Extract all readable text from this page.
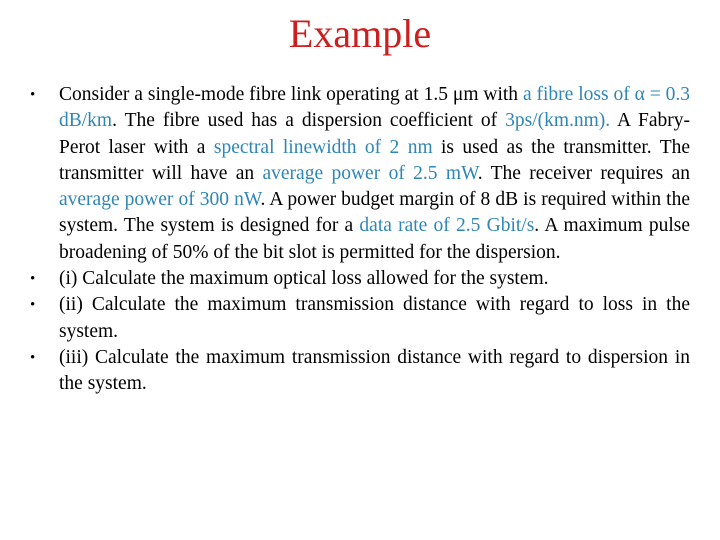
Example
• Consider a single-mode fibre link operating at 1.5 μm with a fibre loss of α = 0.3 dB/km. The fibre used has a dispersion coefficient of 3ps/(km.nm). A Fabry-Perot laser with a spectral linewidth of 2 nm is used as the transmitter. The transmitter will have an average power of 2.5 mW. The receiver requires an average power of 300 nW. A power budget margin of 8 dB is required within the system. The system is designed for a data rate of 2.5 Gbit/s. A maximum pulse broadening of 50% of the bit slot is permitted for the dispersion.
• (i) Calculate the maximum optical loss allowed for the system.
• (ii) Calculate the maximum transmission distance with regard to loss in the system.
• (iii) Calculate the maximum transmission distance with regard to dispersion in the system.
